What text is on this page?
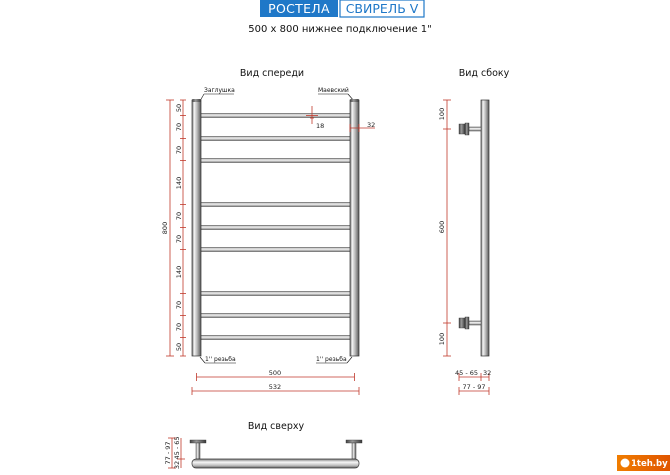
РОСТЕЛА СВИРЕЛЬ V
500 х 800 нижнее подключение 1"
Вид спереди
Заглушка	Маевский
1'' резьба	1'' резьба
800
50
70
70
140
70
70
140
70
70
50
18	32
500
532
Вид сбоку
100
600
100
45 - 65 32
77 - 97
Вид сверху
77 - 97
32
45 - 65
1teh.by
